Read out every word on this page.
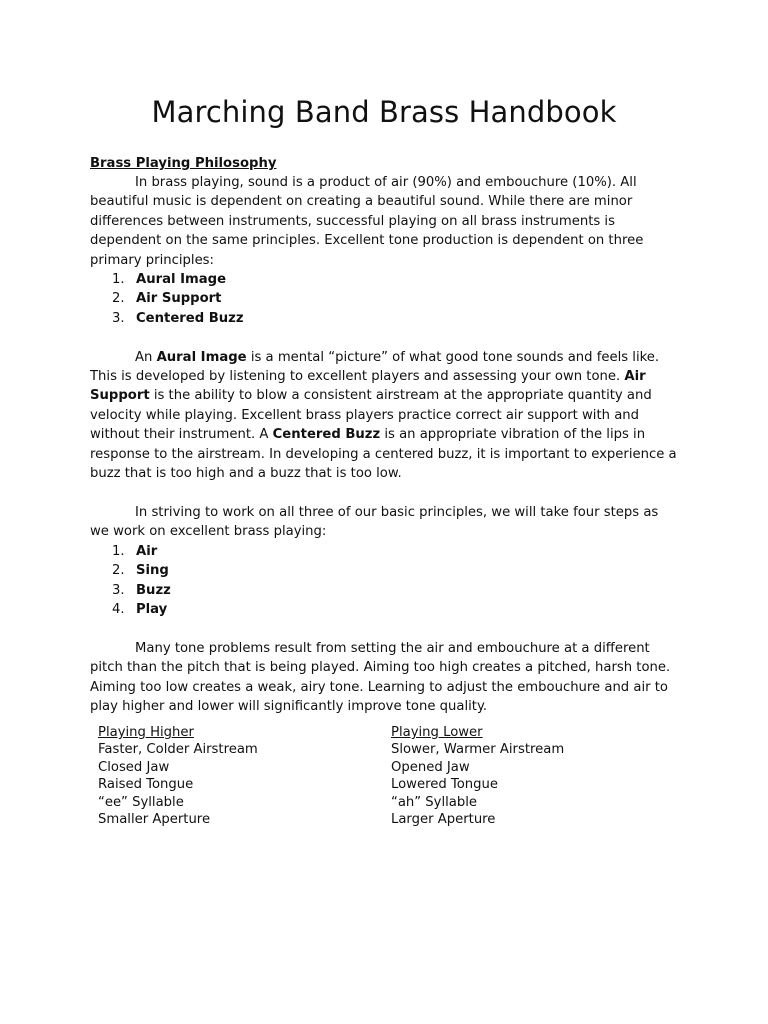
Marching Band Brass Handbook
Brass Playing Philosophy

In brass playing, sound is a product of air (90%) and embouchure (10%). All beautiful music is dependent on creating a beautiful sound. While there are minor differences between instruments, successful playing on all brass instruments is dependent on the same principles. Excellent tone production is dependent on three primary principles:

1. Aural Image
2. Air Support
3. Centered Buzz

An Aural Image is a mental “picture” of what good tone sounds and feels like. This is developed by listening to excellent players and assessing your own tone. Air Support is the ability to blow a consistent airstream at the appropriate quantity and velocity while playing. Excellent brass players practice correct air support with and without their instrument. A Centered Buzz is an appropriate vibration of the lips in response to the airstream. In developing a centered buzz, it is important to experience a buzz that is too high and a buzz that is too low.

In striving to work on all three of our basic principles, we will take four steps as we work on excellent brass playing:

1. Air
2. Sing
3. Buzz
4. Play

Many tone problems result from setting the air and embouchure at a different pitch than the pitch that is being played. Aiming too high creates a pitched, harsh tone. Aiming too low creates a weak, airy tone. Learning to adjust the embouchure and air to play higher and lower will significantly improve tone quality.

Playing Higher
Faster, Colder Airstream
Closed Jaw
Raised Tongue
“ee” Syllable
Smaller Aperture
Playing Lower
Slower, Warmer Airstream
Opened Jaw
Lowered Tongue
“ah” Syllable
Larger Aperture
